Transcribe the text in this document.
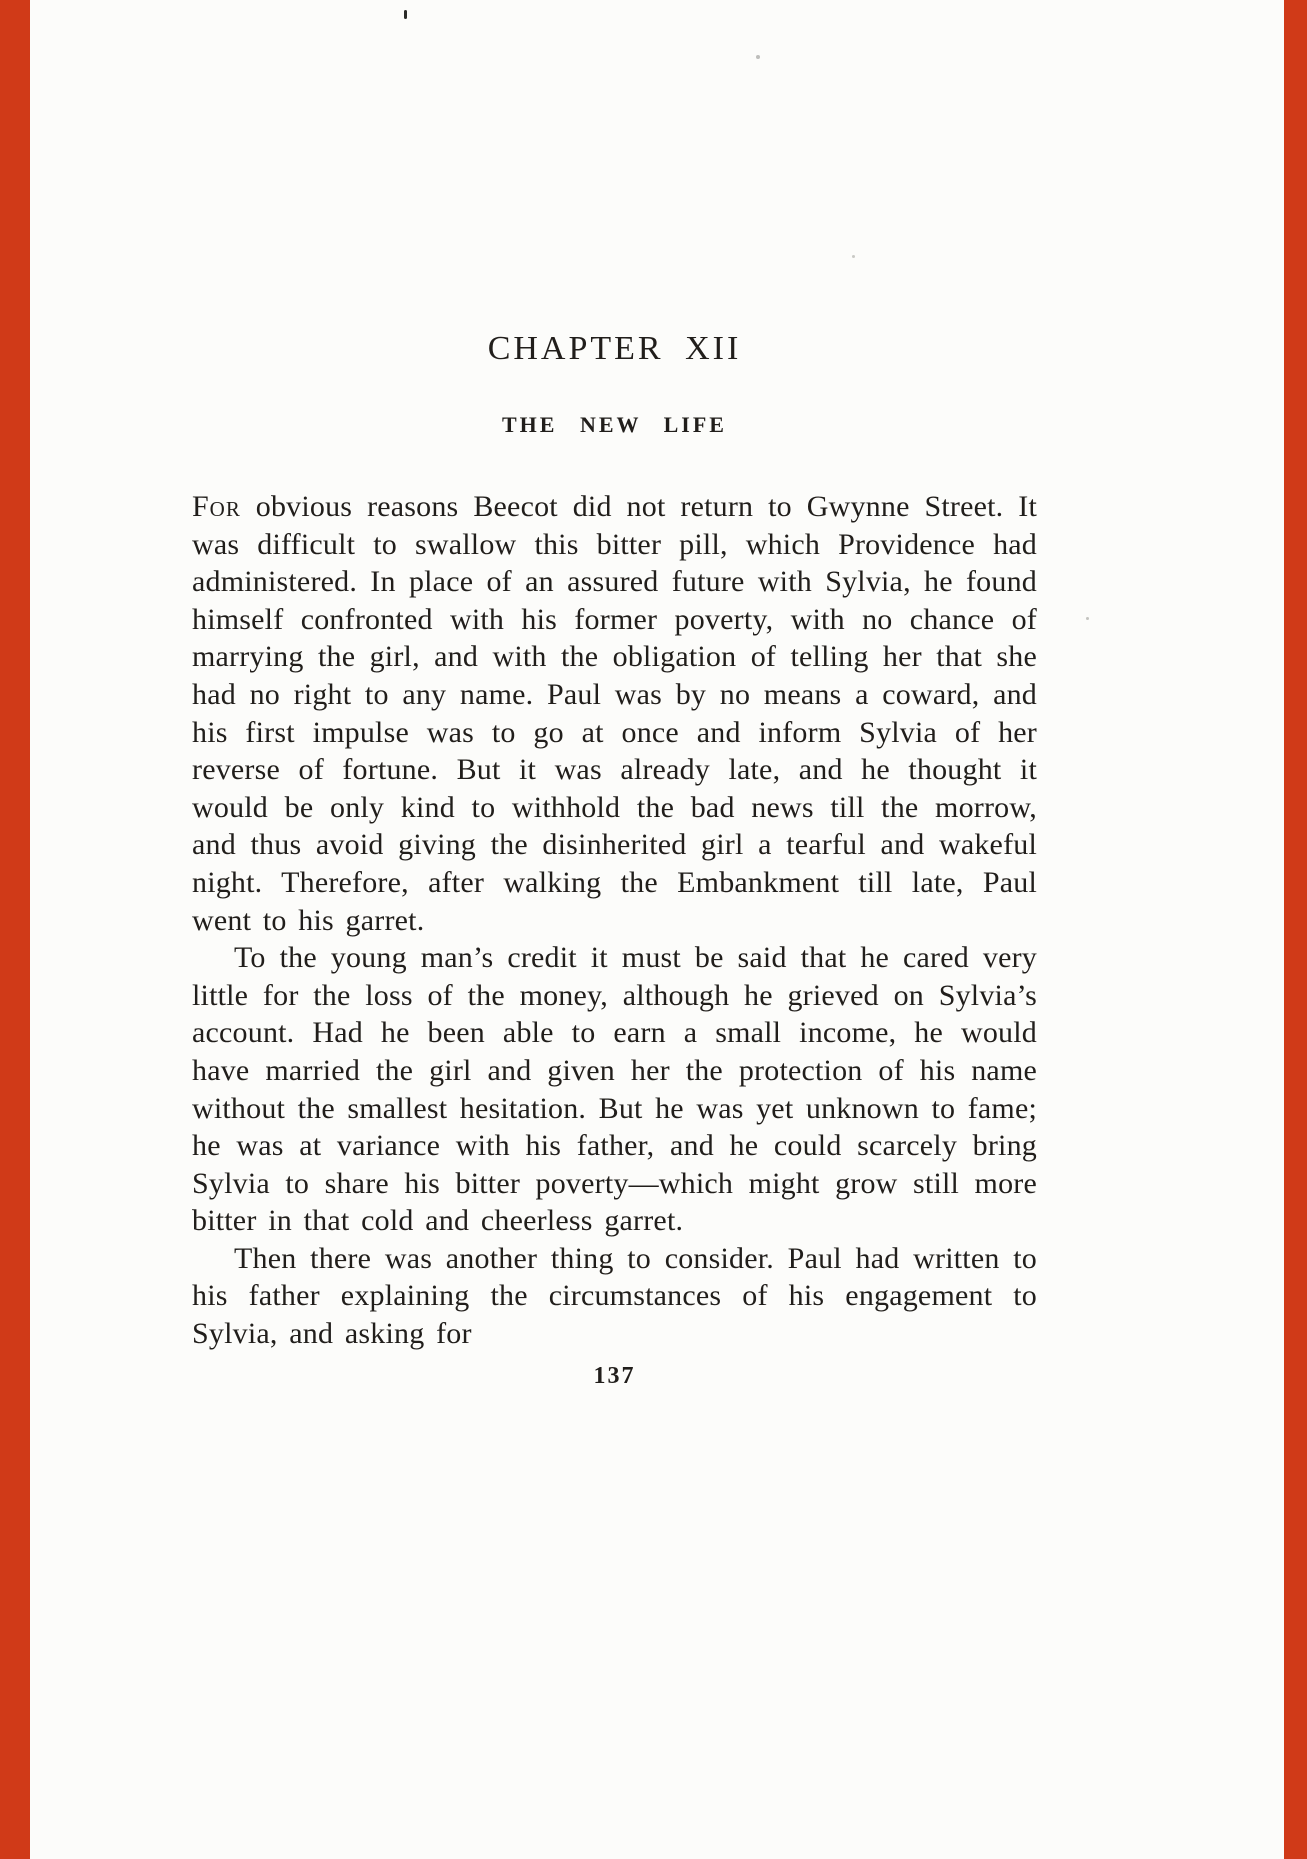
CHAPTER XII
THE NEW LIFE

For obvious reasons Beecot did not return to Gwynne Street. It was difficult to swallow this bitter pill, which Providence had administered. In place of an assured future with Sylvia, he found himself confronted with his former poverty, with no chance of marrying the girl, and with the obligation of telling her that she had no right to any name. Paul was by no means a coward, and his first impulse was to go at once and inform Sylvia of her reverse of fortune. But it was already late, and he thought it would be only kind to withhold the bad news till the morrow, and thus avoid giving the disinherited girl a tearful and wakeful night. Therefore, after walking the Embankment till late, Paul went to his garret.

To the young man’s credit it must be said that he cared very little for the loss of the money, although he grieved on Sylvia’s account. Had he been able to earn a small income, he would have married the girl and given her the protection of his name without the smallest hesitation. But he was yet unknown to fame; he was at variance with his father, and he could scarcely bring Sylvia to share his bitter poverty—which might grow still more bitter in that cold and cheerless garret.

Then there was another thing to consider. Paul had written to his father explaining the circumstances of his engagement to Sylvia, and asking for

137
